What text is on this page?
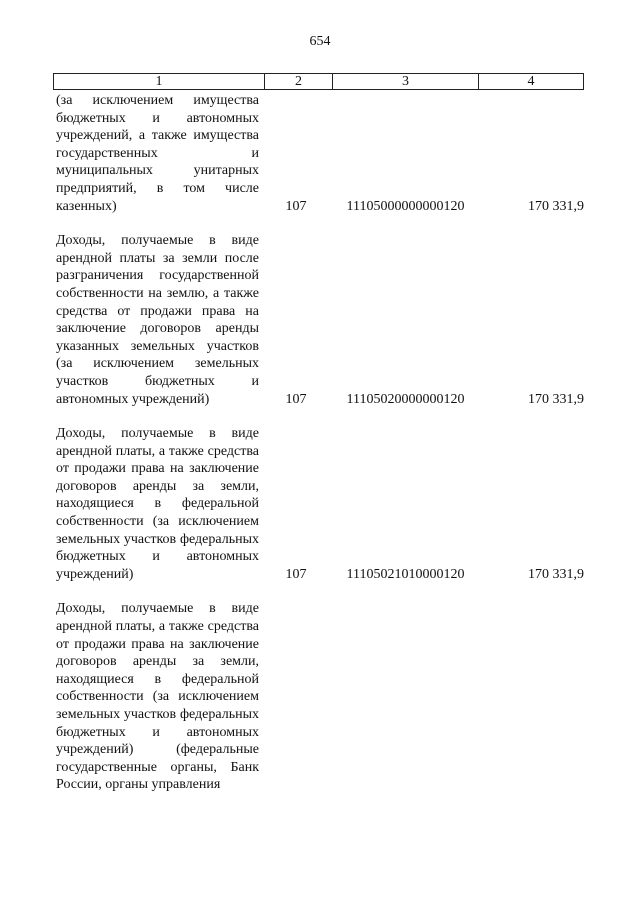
654
1	2	3	4
(за исключением имущества бюджетных и автономных учреждений, а также имущества государственных и муниципальных унитарных предприятий, в том числе казенных)	107	11105000000000120	170 331,9
Доходы, получаемые в виде арендной платы за земли после разграничения государственной собственности на землю, а также средства от продажи права на заключение договоров аренды указанных земельных участков (за исключением земельных участков бюджетных и автономных учреждений)	107	11105020000000120	170 331,9
Доходы, получаемые в виде арендной платы, а также средства от продажи права на заключение договоров аренды за земли, находящиеся в федеральной собственности (за исключением земельных участков федеральных бюджетных и автономных учреждений)	107	11105021010000120	170 331,9
Доходы, получаемые в виде арендной платы, а также средства от продажи права на заключение договоров аренды за земли, находящиеся в федеральной собственности (за исключением земельных участков федеральных бюджетных и автономных учреждений) (федеральные государственные органы, Банк России, органы управления
